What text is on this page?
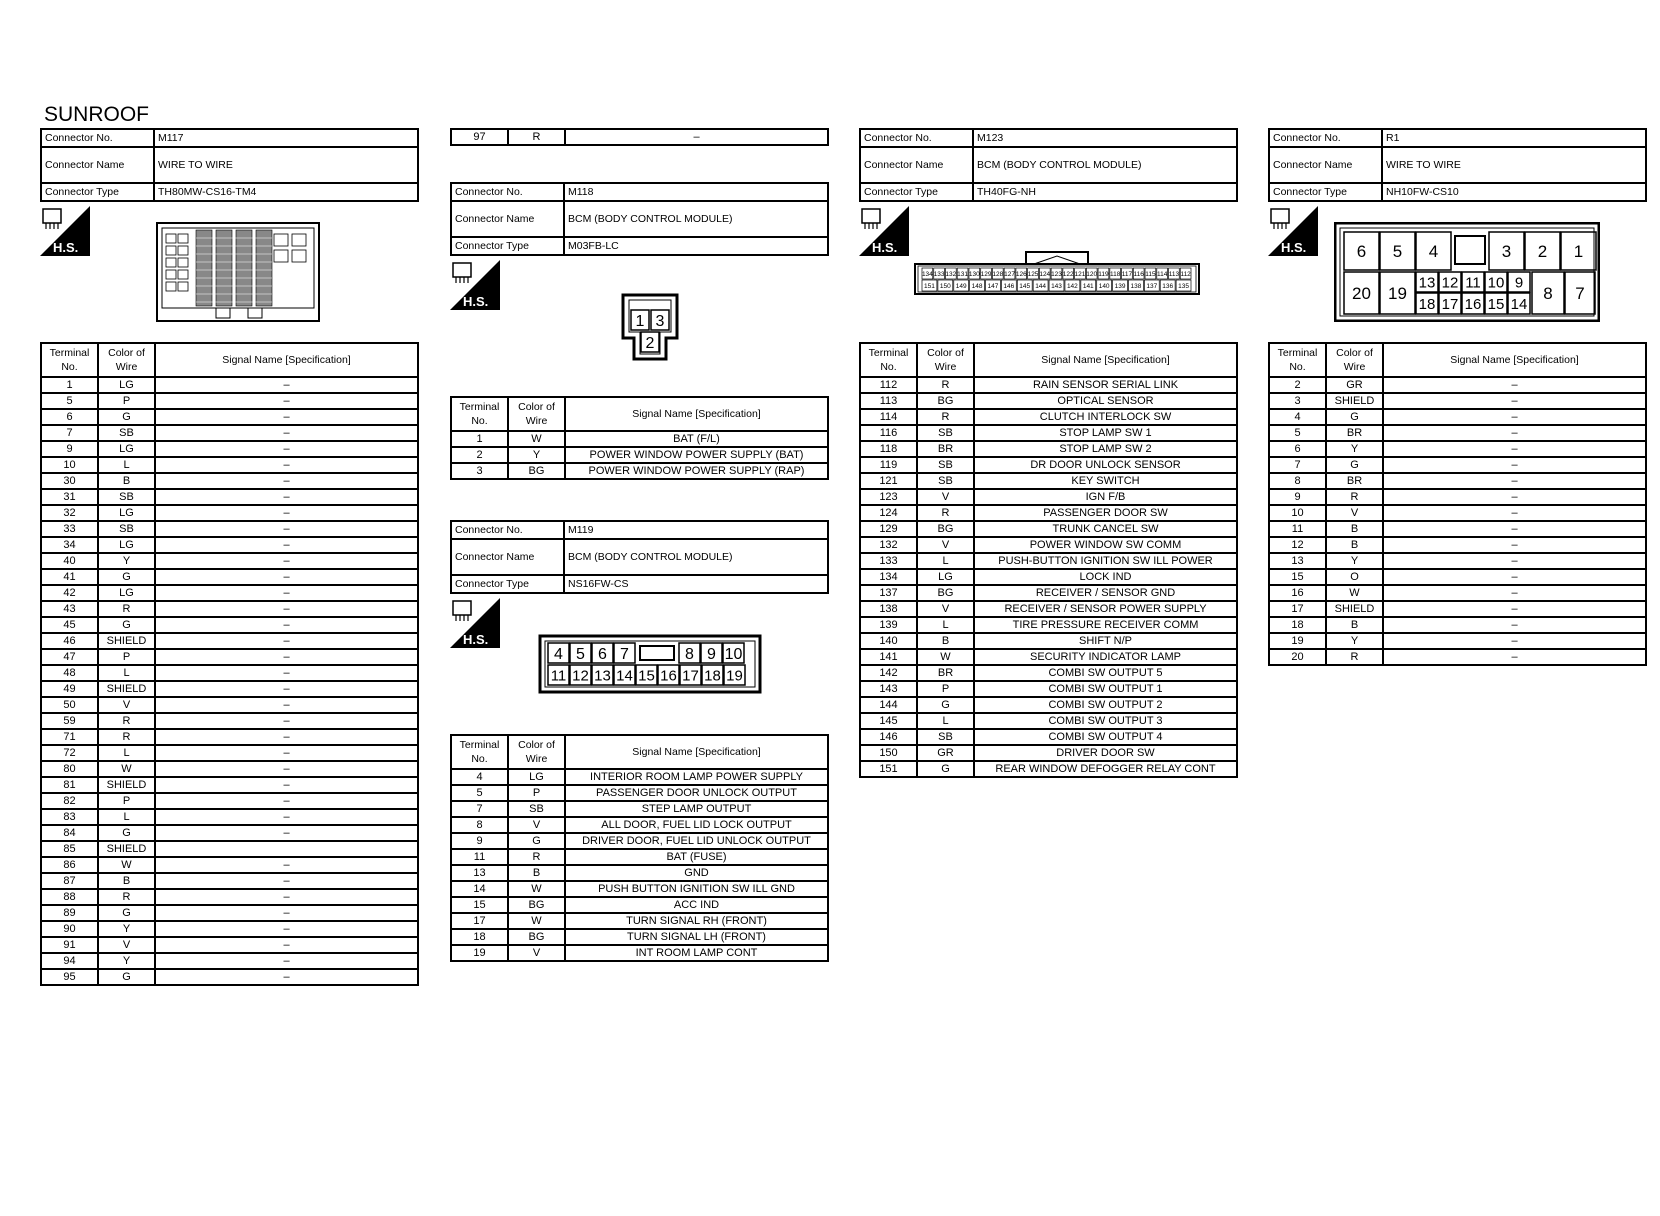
SUNROOF
Connector No.	M117
Connector Name	WIRE TO WIRE
Connector Type	TH80MW-CS16-TM4
H.S.
Terminal No.	Color of Wire	Signal Name [Specification]
1	LG	–
5	P	–
6	G	–
7	SB	–
9	LG	–
10	L	–
30	B	–
31	SB	–
32	LG	–
33	SB	–
34	LG	–
40	Y	–
41	G	–
42	LG	–
43	R	–
45	G	–
46	SHIELD	–
47	P	–
48	L	–
49	SHIELD	–
50	V	–
59	R	–
71	R	–
72	L	–
80	W	–
81	SHIELD	–
82	P	–
83	L	–
84	G	–
85	SHIELD	
86	W	–
87	B	–
88	R	–
89	G	–
90	Y	–
91	V	–
94	Y	–
95	G	–
97	R	–
Connector No.	M118
Connector Name	BCM (BODY CONTROL MODULE)
Connector Type	M03FB-LC
H.S.
1 3
2
Terminal No.	Color of Wire	Signal Name [Specification]
1	W	BAT (F/L)
2	Y	POWER WINDOW POWER SUPPLY (BAT)
3	BG	POWER WINDOW POWER SUPPLY (RAP)
Connector No.	M119
Connector Name	BCM (BODY CONTROL MODULE)
Connector Type	NS16FW-CS
H.S.
4 5 6 7	8 9 10
11 12 13 14 15 16 17 18 19
Terminal No.	Color of Wire	Signal Name [Specification]
4	LG	INTERIOR ROOM LAMP POWER SUPPLY
5	P	PASSENGER DOOR UNLOCK OUTPUT
7	SB	STEP LAMP OUTPUT
8	V	ALL DOOR, FUEL LID LOCK OUTPUT
9	G	DRIVER DOOR, FUEL LID UNLOCK OUTPUT
11	R	BAT (FUSE)
13	B	GND
14	W	PUSH BUTTON IGNITION SW ILL GND
15	BG	ACC IND
17	W	TURN SIGNAL RH (FRONT)
18	BG	TURN SIGNAL LH (FRONT)
19	V	INT ROOM LAMP CONT
Connector No.	M123
Connector Name	BCM (BODY CONTROL MODULE)
Connector Type	TH40FG-NH
H.S.
134 133 132 131 130 129 128 127 126 125 124 123 122 121 120 119 118 117 116 115 114 113 112
151 150 149 148 147 146 145 144 143 142 141 140 139 138 137 136 135
Terminal No.	Color of Wire	Signal Name [Specification]
112	R	RAIN SENSOR SERIAL LINK
113	BG	OPTICAL SENSOR
114	R	CLUTCH INTERLOCK SW
116	SB	STOP LAMP SW 1
118	BR	STOP LAMP SW 2
119	SB	DR DOOR UNLOCK SENSOR
121	SB	KEY SWITCH
123	V	IGN F/B
124	R	PASSENGER DOOR SW
129	BG	TRUNK CANCEL SW
132	V	POWER WINDOW SW COMM
133	L	PUSH-BUTTON IGNITION SW ILL POWER
134	LG	LOCK IND
137	BG	RECEIVER / SENSOR GND
138	V	RECEIVER / SENSOR POWER SUPPLY
139	L	TIRE PRESSURE RECEIVER COMM
140	B	SHIFT N/P
141	W	SECURITY INDICATOR LAMP
142	BR	COMBI SW OUTPUT 5
143	P	COMBI SW OUTPUT 1
144	G	COMBI SW OUTPUT 2
145	L	COMBI SW OUTPUT 3
146	SB	COMBI SW OUTPUT 4
150	GR	DRIVER DOOR SW
151	G	REAR WINDOW DEFOGGER RELAY CONT
Connector No.	R1
Connector Name	WIRE TO WIRE
Connector Type	NH10FW-CS10
H.S.	6 5 4	3 2 1
20 19
13 12 11 10 9
18 17 16 15 14
8 7
Terminal No.	Color of Wire	Signal Name [Specification]
2	GR	–
3	SHIELD	–
4	G	–
5	BR	–
6	Y	–
7	G	–
8	BR	–
9	R	–
10	V	–
11	B	–
12	B	–
13	Y	–
15	O	–
16	W	–
17	SHIELD	–
18	B	–
19	Y	–
20	R	–
